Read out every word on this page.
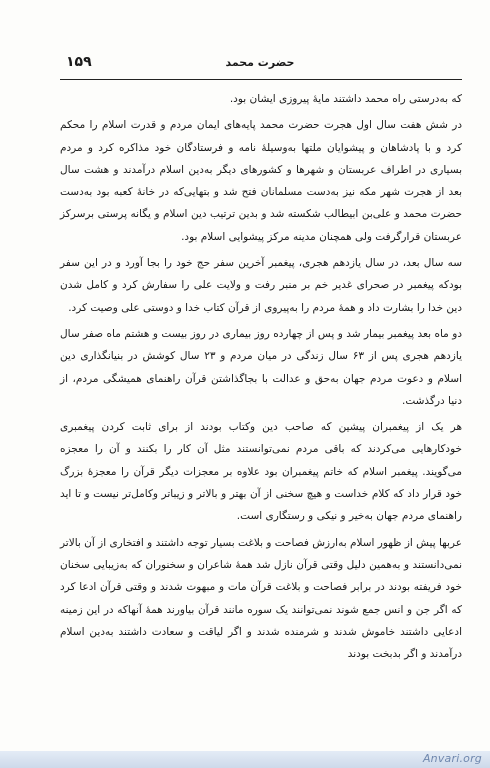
حضرت محمد
۱۵۹

که به‌درستی راه محمد داشتند مایهٔ پیروزی ایشان بود.

در شش هفت سال اول هجرت حضرت محمد پایه‌های ایمان مردم و قدرت اسلام را محکم کرد و با پادشاهان و پیشوایان ملتها به‌وسیلهٔ نامه و فرستادگان خود مذاکره کرد و مردم بسیاری در اطراف عربستان و شهرها و کشورهای دیگر به‌دین اسلام درآمدند و هشت سال بعد از هجرت شهر مکه نیز به‌دست مسلمانان فتح شد و بتهایی‌که در خانهٔ کعبه بود به‌دست حضرت محمد و علی‌بن ابیطالب شکسته شد و بدین ترتیب دین اسلام و یگانه پرستی برسرکز عربستان قرارگرفت ولی همچنان مدینه مرکز پیشوایی اسلام بود.

سه سال بعد، در سال یازدهم هجری، پیغمبر آخرین سفر حج خود را بجا آورد و در این سفر بودکه پیغمبر در صحرای غدیر خم بر منبر رفت و ولایت علی را سفارش کرد و کامل شدن دین خدا را بشارت داد و همهٔ مردم را به‌پیروی از قرآن کتاب خدا و دوستی علی وصیت کرد.

دو ماه بعد پیغمبر بیمار شد و پس از چهارده روز بیماری در روز بیست و هشتم ماه صفر سال یازدهم هجری پس از ۶۳ سال زندگی در میان مردم و ۲۳ سال کوشش در بنیانگذاری دین اسلام و دعوت مردم جهان به‌حق و عدالت با بجاگذاشتن قرآن راهنمای همیشگی مردم، از دنیا درگذشت.

هر یک از پیغمبران پیشین که صاحب دین وکتاب بودند از برای ثابت کردن پیغمبری خودکارهایی می‌کردند که باقی مردم نمی‌توانستند مثل آن کار را بکنند و آن را معجزه می‌گویند. پیغمبر اسلام که خاتم پیغمبران بود علاوه بر معجزات دیگر قرآن را معجزهٔ بزرگ خود قرار داد که کلام خداست و هیچ سخنی از آن بهتر و بالاتر و زیباتر وکامل‌تر نیست و تا اید راهنمای مردم جهان به‌خیر و نیکی و رستگاری است.

عربها پیش از ظهور اسلام به‌ارزش فصاحت و بلاغت بسیار توجه داشتند و افتخاری از آن بالاتر نمی‌دانستند و به‌همین دلیل وقتی قرآن نازل شد همهٔ شاعران و سخنوران که به‌زیبایی سخنان خود فریفته بودند در برابر فصاحت و بلاغت قرآن مات و مبهوت شدند و وقتی قرآن ادعا کرد که اگر جن و انس جمع شوند نمی‌توانند یک سوره مانند قرآن بیاورند همهٔ آنهاکه در این زمینه ادعایی داشتند خاموش شدند و شرمنده شدند و اگر لیاقت و سعادت داشتند به‌دین اسلام درآمدند و اگر بدبخت بودند

Anvari.org
